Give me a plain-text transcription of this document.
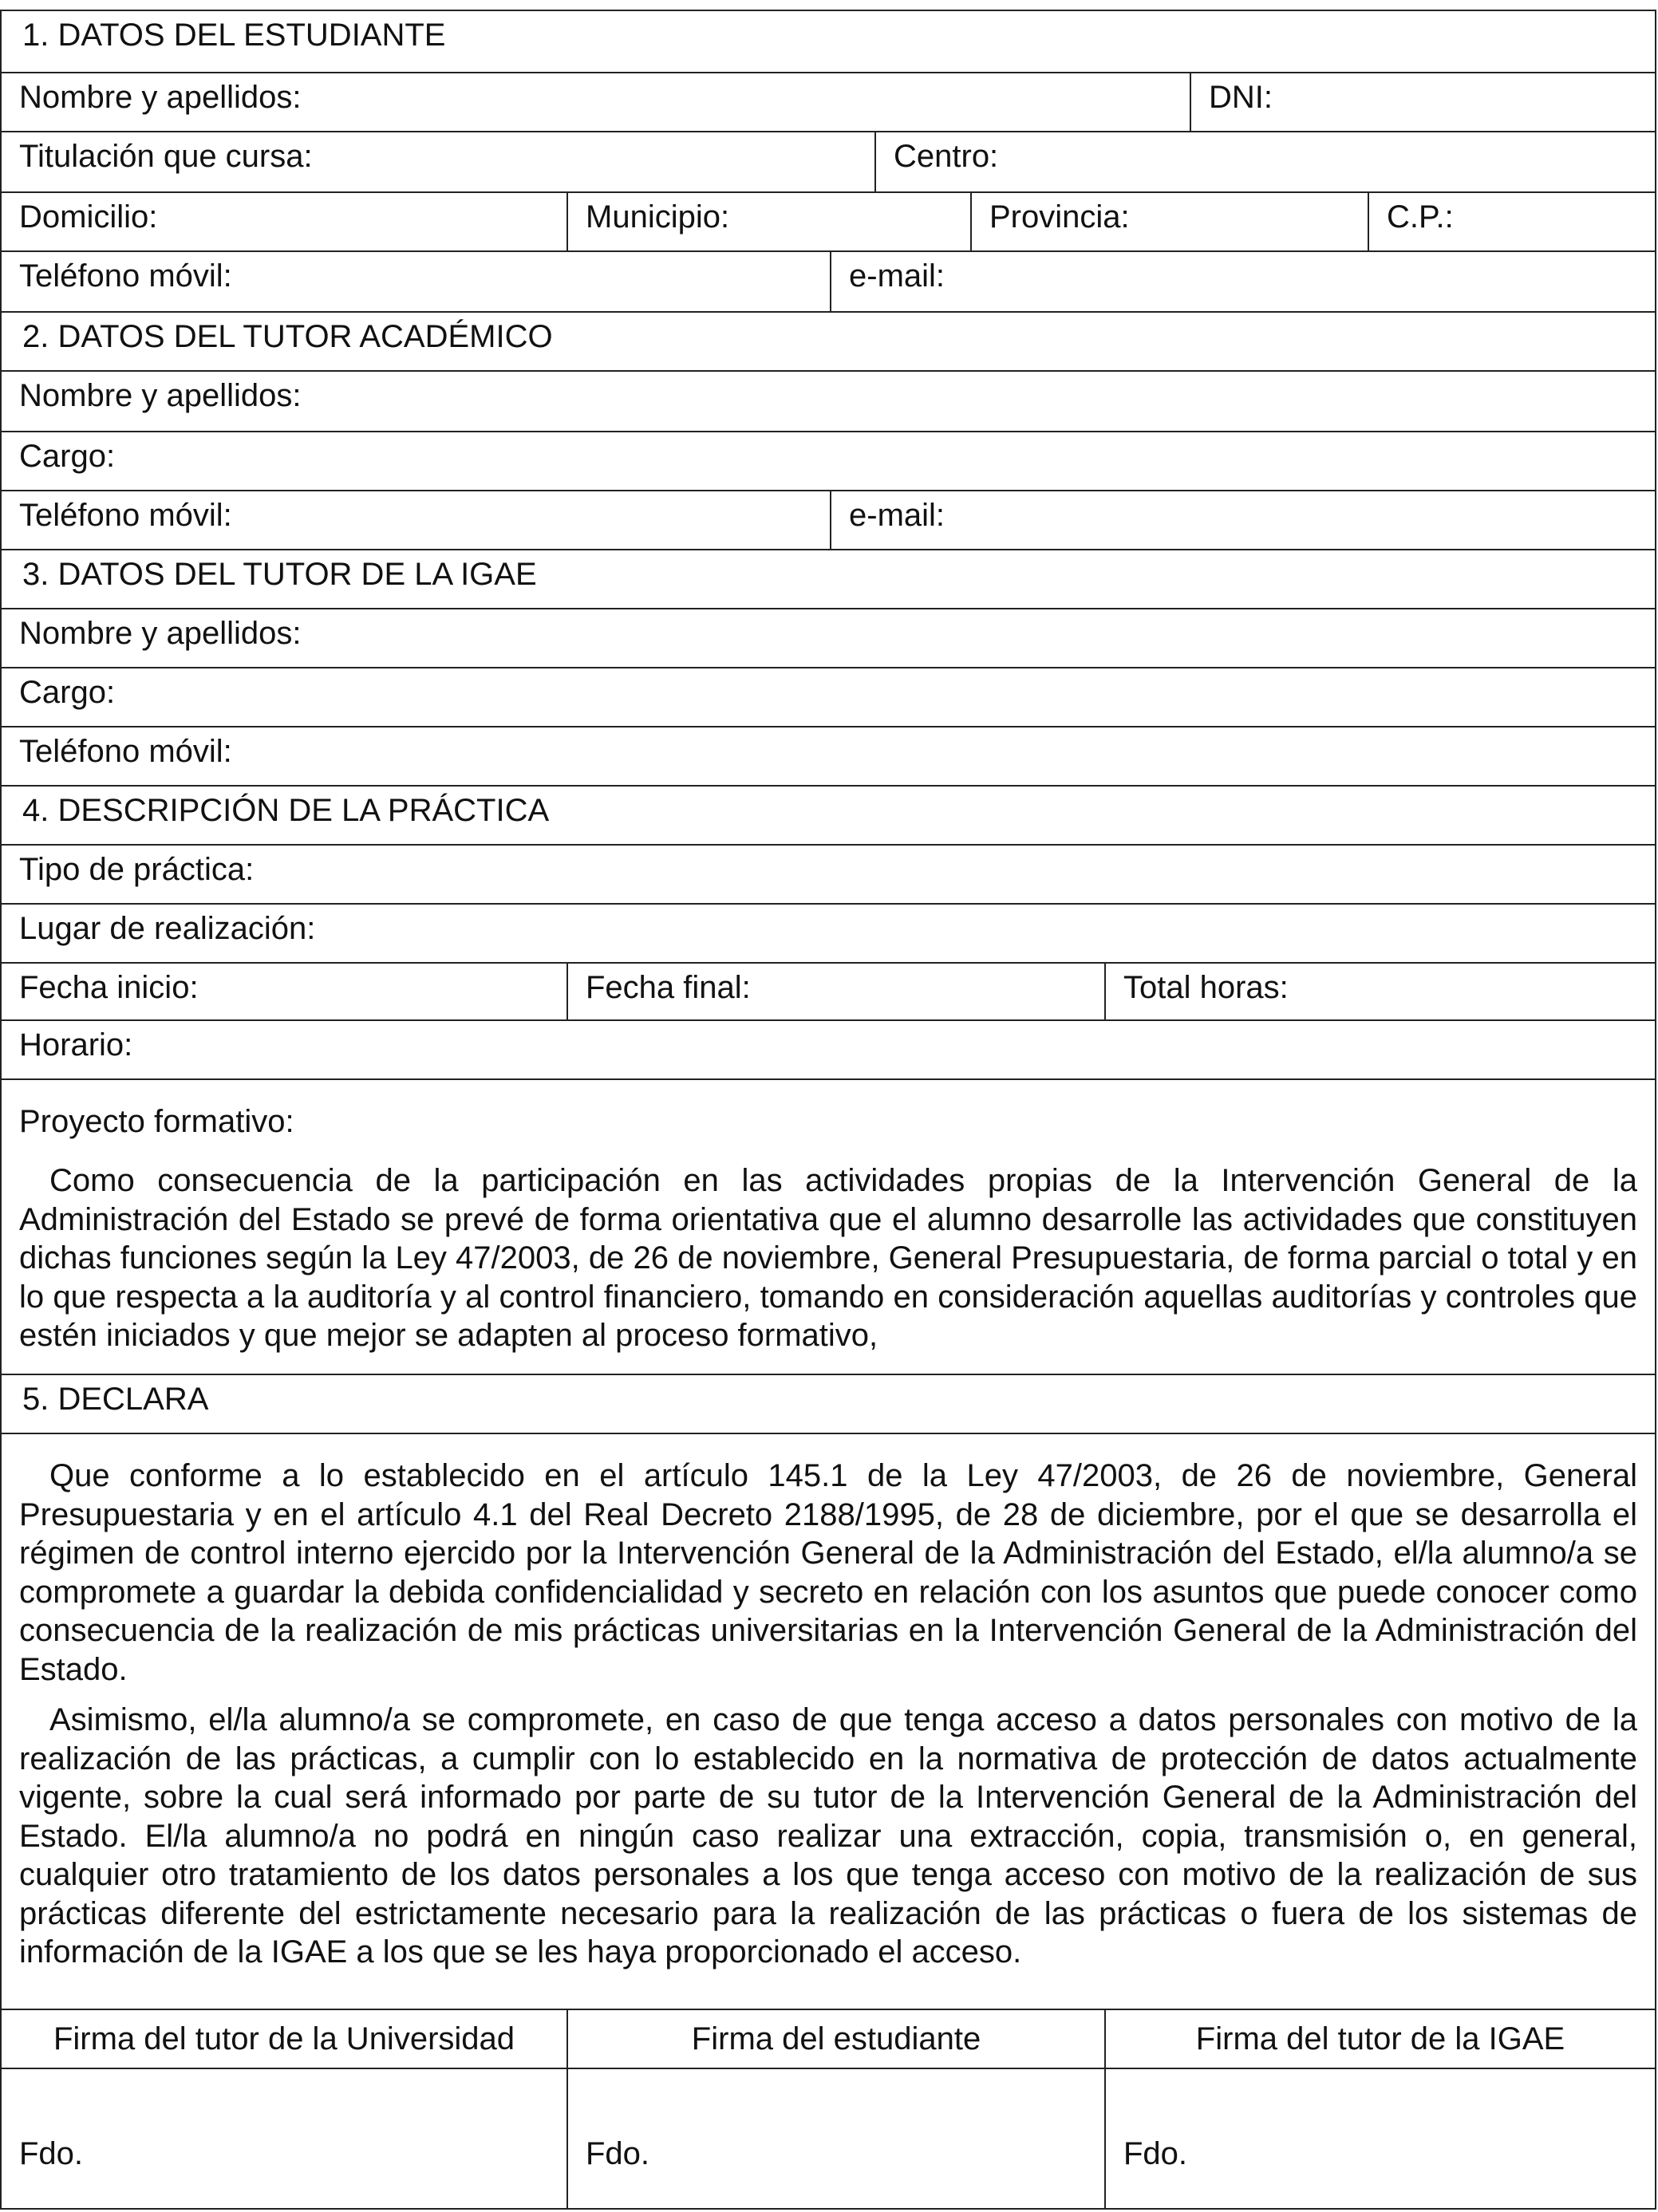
1. DATOS DEL ESTUDIANTE
Nombre y apellidos:	DNI:
Titulación que cursa:	Centro:
Domicilio:	Municipio:	Provincia:	C.P.:
Teléfono móvil:	e-mail:
2. DATOS DEL TUTOR ACADÉMICO
Nombre y apellidos:
Cargo:
Teléfono móvil:	e-mail:
3. DATOS DEL TUTOR DE LA IGAE
Nombre y apellidos:
Cargo:
Teléfono móvil:
4. DESCRIPCIÓN DE LA PRÁCTICA
Tipo de práctica:
Lugar de realización:
Fecha inicio:	Fecha final:	Total horas:
Horario:
Proyecto formativo:

Como consecuencia de la participación en las actividades propias de la Intervención General de la Administración del Estado se prevé de forma orientativa que el alumno desarrolle las actividades que constituyen dichas funciones según la Ley 47/2003, de 26 de noviembre, General Presupuestaria, de forma parcial o total y en lo que respecta a la auditoría y al control financiero, tomando en consideración aquellas auditorías y controles que estén iniciados y que mejor se adapten al proceso formativo,

5. DECLARA

Que conforme a lo establecido en el artículo 145.1 de la Ley 47/2003, de 26 de noviembre, General Presupuestaria y en el artículo 4.1 del Real Decreto 2188/1995, de 28 de diciembre, por el que se desarrolla el régimen de control interno ejercido por la Intervención General de la Administración del Estado, el/la alumno/a se compromete a guardar la debida confidencialidad y secreto en relación con los asuntos que puede conocer como consecuencia de la realización de mis prácticas universitarias en la Intervención General de la Administración del Estado.

Asimismo, el/la alumno/a se compromete, en caso de que tenga acceso a datos personales con motivo de la realización de las prácticas, a cumplir con lo establecido en la normativa de protección de datos actualmente vigente, sobre la cual será informado por parte de su tutor de la Intervención General de la Administración del Estado. El/la alumno/a no podrá en ningún caso realizar una extracción, copia, transmisión o, en general, cualquier otro tratamiento de los datos personales a los que tenga acceso con motivo de la realización de sus prácticas diferente del estrictamente necesario para la realización de las prácticas o fuera de los sistemas de información de la IGAE a los que se les haya proporcionado el acceso.

Firma del tutor de la Universidad	Firma del estudiante	Firma del tutor de la IGAE
Fdo.	Fdo.	Fdo.
